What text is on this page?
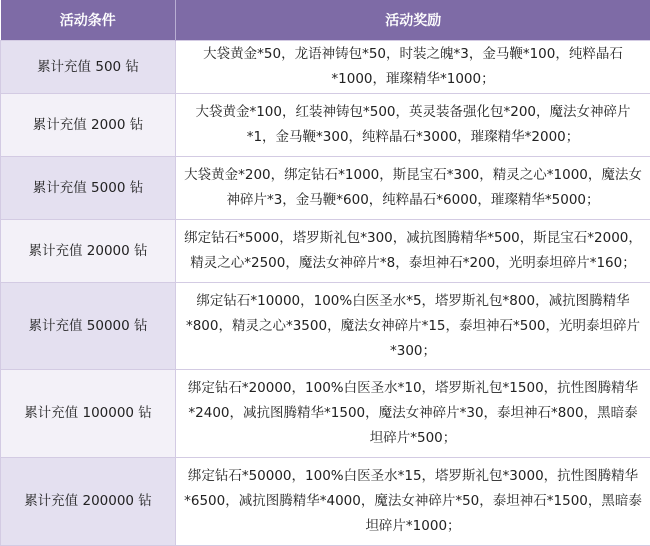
活动条件	活动奖励
累计充值 500 钻	大袋黄金*50，龙语神铸包*50，时装之魄*3，金马鞭*100，纯粹晶石*1000，璀璨精华*1000；
累计充值 2000 钻	大袋黄金*100，红装神铸包*500，英灵装备强化包*200，魔法女神碎片*1，金马鞭*300，纯粹晶石*3000，璀璨精华*2000；
累计充值 5000 钻	大袋黄金*200，绑定钻石*1000，斯昆宝石*300，精灵之心*1000，魔法女神碎片*3，金马鞭*600，纯粹晶石*6000，璀璨精华*5000；
累计充值 20000 钻	绑定钻石*5000，塔罗斯礼包*300，减抗图腾精华*500，斯昆宝石*2000，精灵之心*2500，魔法女神碎片*8，泰坦神石*200，光明泰坦碎片*160；
累计充值 50000 钻	绑定钻石*10000，100%白医圣水*5，塔罗斯礼包*800，减抗图腾精华*800，精灵之心*3500，魔法女神碎片*15，泰坦神石*500，光明泰坦碎片*300；
累计充值 100000 钻	绑定钻石*20000，100%白医圣水*10，塔罗斯礼包*1500，抗性图腾精华*2400，减抗图腾精华*1500，魔法女神碎片*30，泰坦神石*800，黑暗泰坦碎片*500；
累计充值 200000 钻	绑定钻石*50000，100%白医圣水*15，塔罗斯礼包*3000，抗性图腾精华*6500，减抗图腾精华*4000，魔法女神碎片*50，泰坦神石*1500，黑暗泰坦碎片*1000；
